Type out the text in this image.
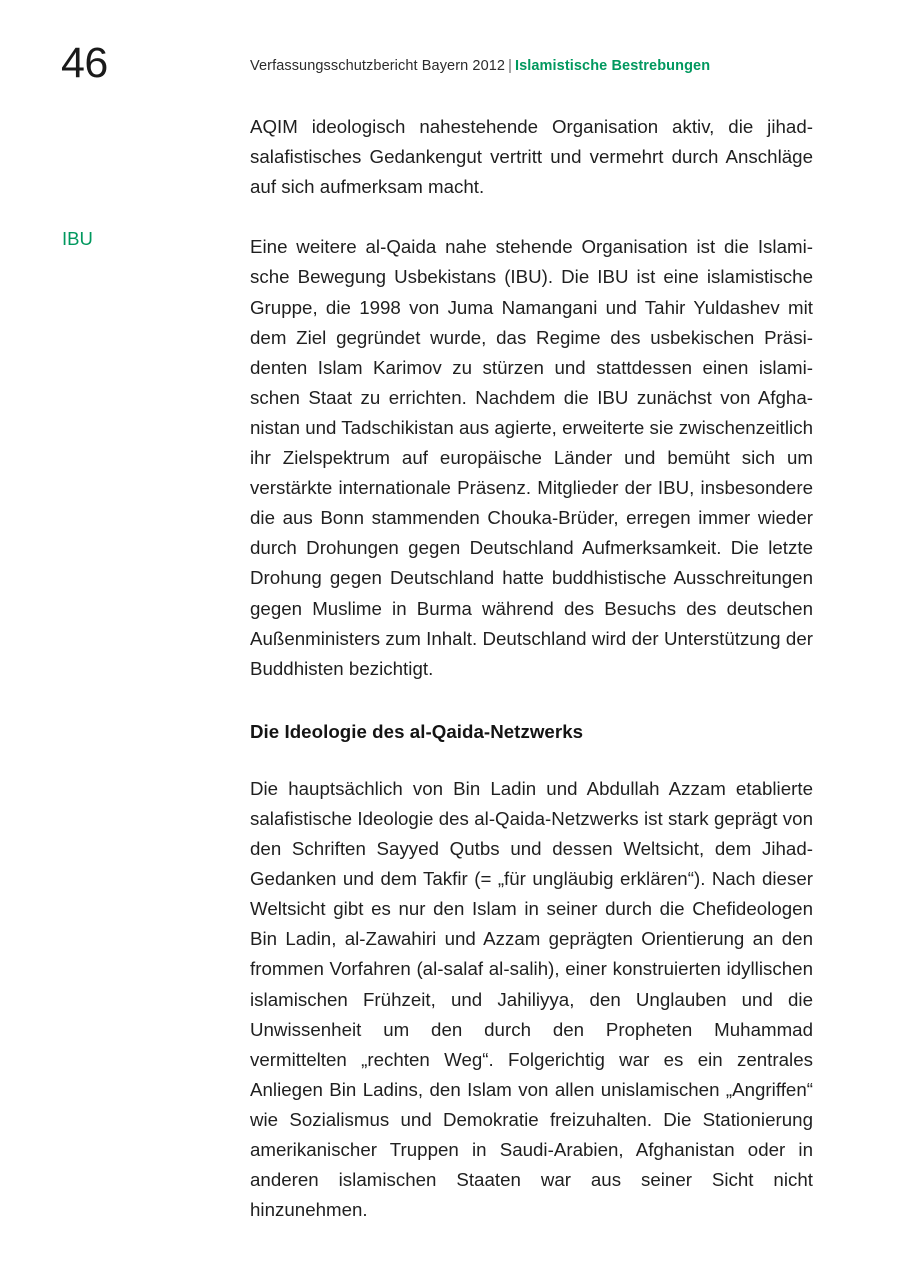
46	Verfassungsschutzbericht Bayern 2012 | Islamistische Bestrebungen
IBU

AQIM ideologisch nahestehende Organisation aktiv, die jihadsalafistisches Gedankengut vertritt und vermehrt durch Anschläge auf sich aufmerksam macht.

Eine weitere al-Qaida nahe stehende Organisation ist die Islamische Bewegung Usbekistans (IBU). Die IBU ist eine islamistische Gruppe, die 1998 von Juma Namangani und Tahir Yuldashev mit dem Ziel gegründet wurde, das Regime des usbekischen Präsidenten Islam Karimov zu stürzen und stattdessen einen islamischen Staat zu errichten. Nachdem die IBU zunächst von Afghanistan und Tadschikistan aus agierte, erweiterte sie zwischenzeitlich ihr Zielspektrum auf europäische Länder und bemüht sich um verstärkte internationale Präsenz. Mitglieder der IBU, insbesondere die aus Bonn stammenden Chouka-Brüder, erregen immer wieder durch Drohungen gegen Deutschland Aufmerksamkeit. Die letzte Drohung gegen Deutschland hatte buddhistische Ausschreitungen gegen Muslime in Burma während des Besuchs des deutschen Außenministers zum Inhalt. Deutschland wird der Unterstützung der Buddhisten bezichtigt.

Die Ideologie des al-Qaida-Netzwerks

Die hauptsächlich von Bin Ladin und Abdullah Azzam etablierte salafistische Ideologie des al-Qaida-Netzwerks ist stark geprägt von den Schriften Sayyed Qutbs und dessen Weltsicht, dem Jihad-Gedanken und dem Takfir (= „für ungläubig erklären“). Nach dieser Weltsicht gibt es nur den Islam in seiner durch die Chefideologen Bin Ladin, al-Zawahiri und Azzam geprägten Orientierung an den frommen Vorfahren (al-salaf al-salih), einer konstruierten idyllischen islamischen Frühzeit, und Jahiliyya, den Unglauben und die Unwissenheit um den durch den Propheten Muhammad vermittelten „rechten Weg“. Folgerichtig war es ein zentrales Anliegen Bin Ladins, den Islam von allen unislamischen „Angriffen“ wie Sozialismus und Demokratie freizuhalten. Die Stationierung amerikanischer Truppen in Saudi-Arabien, Afghanistan oder in anderen islamischen Staaten war aus seiner Sicht nicht hinzunehmen.
